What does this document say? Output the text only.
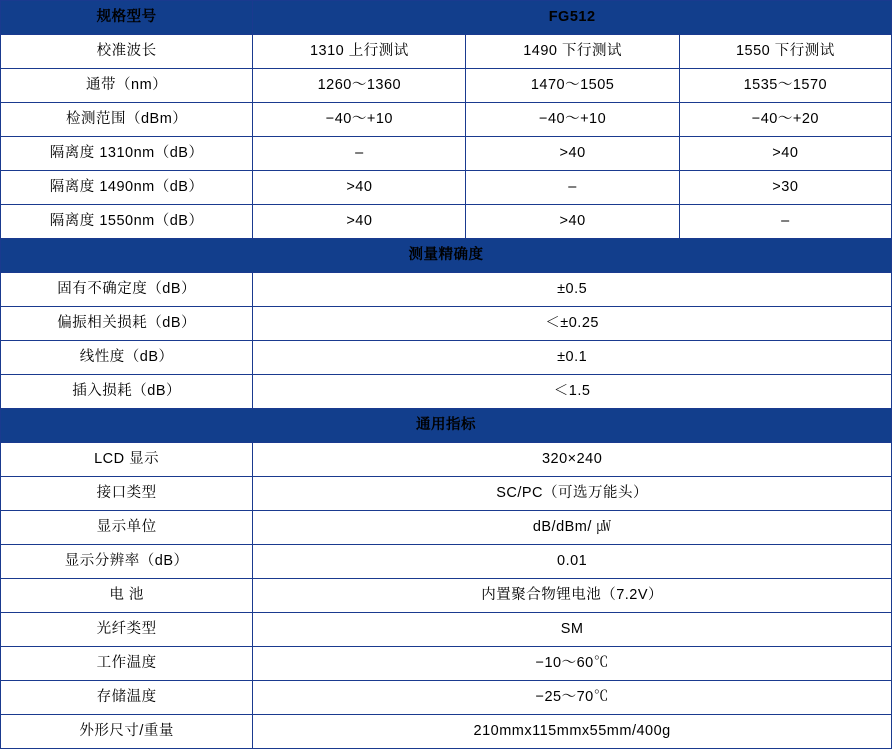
规格型号	FG512		
校准波长	1310 上行测试	1490 下行测试	1550 下行测试
通带（nm）	1260～1360	1470～1505	1535～1570
检测范围（dBm）	−40～+10	−40～+10	−40～+20
隔离度 1310nm（dB）	–	>40	>40
隔离度 1490nm（dB）	>40	–	>30
隔离度 1550nm（dB）	>40	>40	–
测量精确度			
固有不确定度（dB）	±0.5		
偏振相关损耗（dB）	＜±0.25		
线性度（dB）	±0.1		
插入损耗（dB）	＜1.5		
通用指标			
LCD 显示	320×240		
接口类型	SC/PC（可选万能头）		
显示单位	dB/dBm/ ㎼		
显示分辨率（dB）	0.01		
电 池	内置聚合物锂电池（7.2V）		
光纤类型	SM		
工作温度	−10～60℃		
存储温度	−25～70℃		
外形尺寸/重量	210mmx115mmx55mm/400g		
